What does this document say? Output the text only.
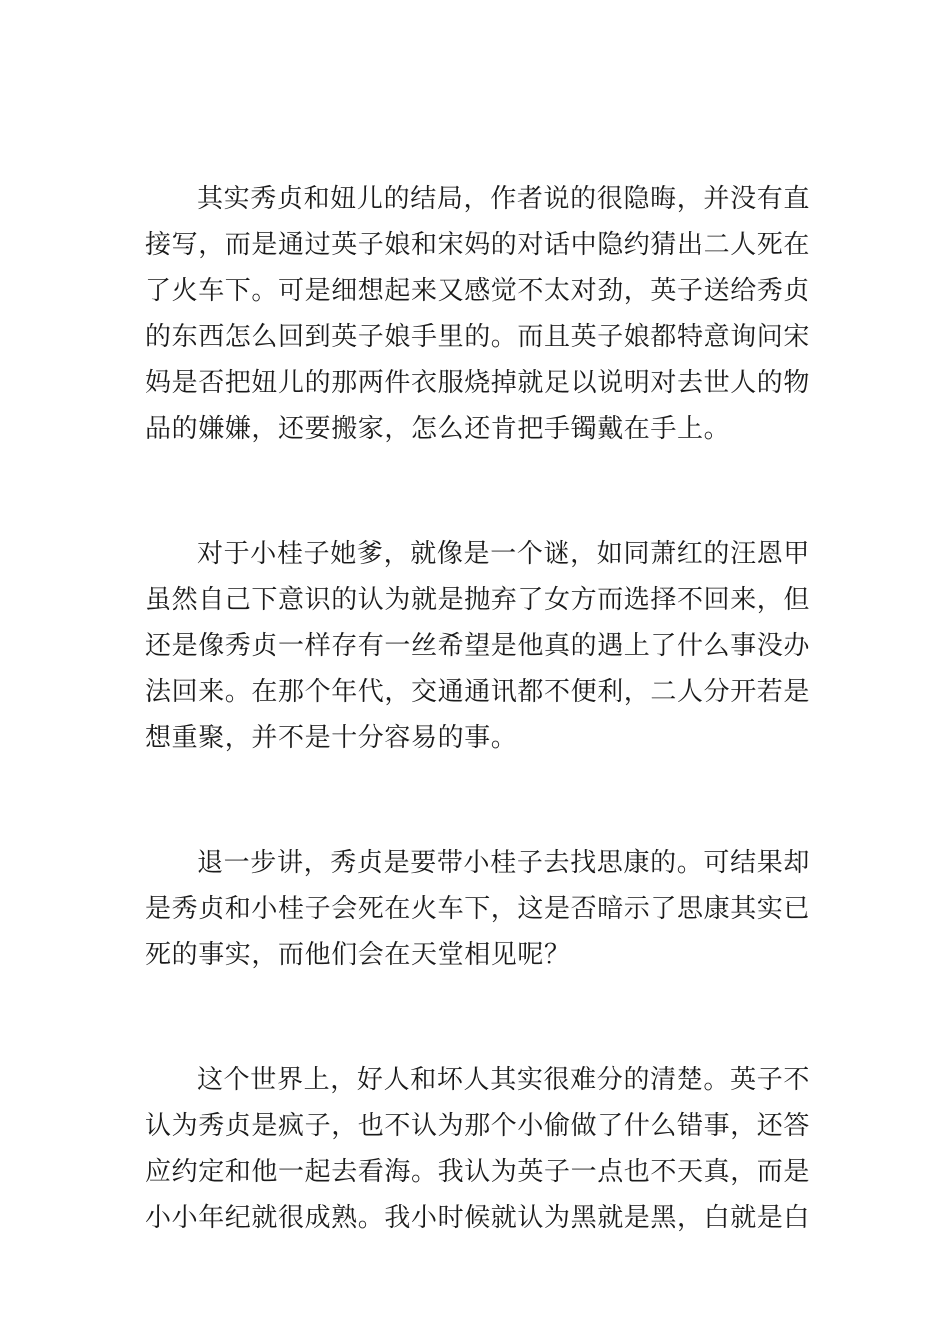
其实秀贞和妞儿的结局，作者说的很隐晦，并没有直接写，而是通过英子娘和宋妈的对话中隐约猜出二人死在了火车下。可是细想起来又感觉不太对劲，英子送给秀贞的东西怎么回到英子娘手里的。而且英子娘都特意询问宋妈是否把妞儿的那两件衣服烧掉就足以说明对去世人的物品的嫌嫌，还要搬家，怎么还肯把手镯戴在手上。

对于小桂子她爹，就像是一个谜，如同萧红的汪恩甲虽然自己下意识的认为就是抛弃了女方而选择不回来，但还是像秀贞一样存有一丝希望是他真的遇上了什么事没办法回来。在那个年代，交通通讯都不便利，二人分开若是想重聚，并不是十分容易的事。

退一步讲，秀贞是要带小桂子去找思康的。可结果却是秀贞和小桂子会死在火车下，这是否暗示了思康其实已死的事实，而他们会在天堂相见呢？

这个世界上，好人和坏人其实很难分的清楚。英子不认为秀贞是疯子，也不认为那个小偷做了什么错事，还答应约定和他一起去看海。我认为英子一点也不天真，而是小小年纪就很成熟。我小时候就认为黑就是黑，白就是白
